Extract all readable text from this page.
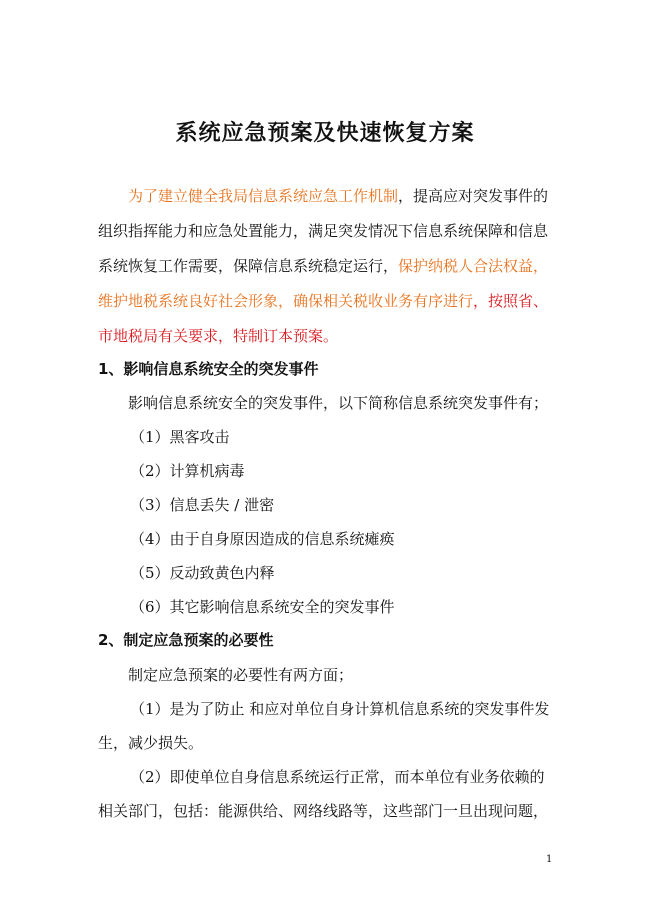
系统应急预案及快速恢复方案
为了建立健全我局信息系统应急工作机制，提高应对突发事件的
组织指挥能力和应急处置能力，满足突发情况下信息系统保障和信息
系统恢复工作需要，保障信息系统稳定运行，保护纳税人合法权益，
维护地税系统良好社会形象，确保相关税收业务有序进行，按照省、
市地税局有关要求，特制订本预案。
1、影响信息系统安全的突发事件
影响信息系统安全的突发事件，以下简称信息系统突发事件有；
（1）黑客攻击
（2）计算机病毒
（3）信息丢失 / 泄密
（4）由于自身原因造成的信息系统瘫痪
（5）反动致黄色内释
（6）其它影响信息系统安全的突发事件
2、制定应急预案的必要性
制定应急预案的必要性有两方面；
（1）是为了防止 和应对单位自身计算机信息系统的突发事件发
生，减少损失。
（2）即使单位自身信息系统运行正常，而本单位有业务依赖的
相关部门，包括：能源供给、网络线路等，这些部门一旦出现问题，
1
